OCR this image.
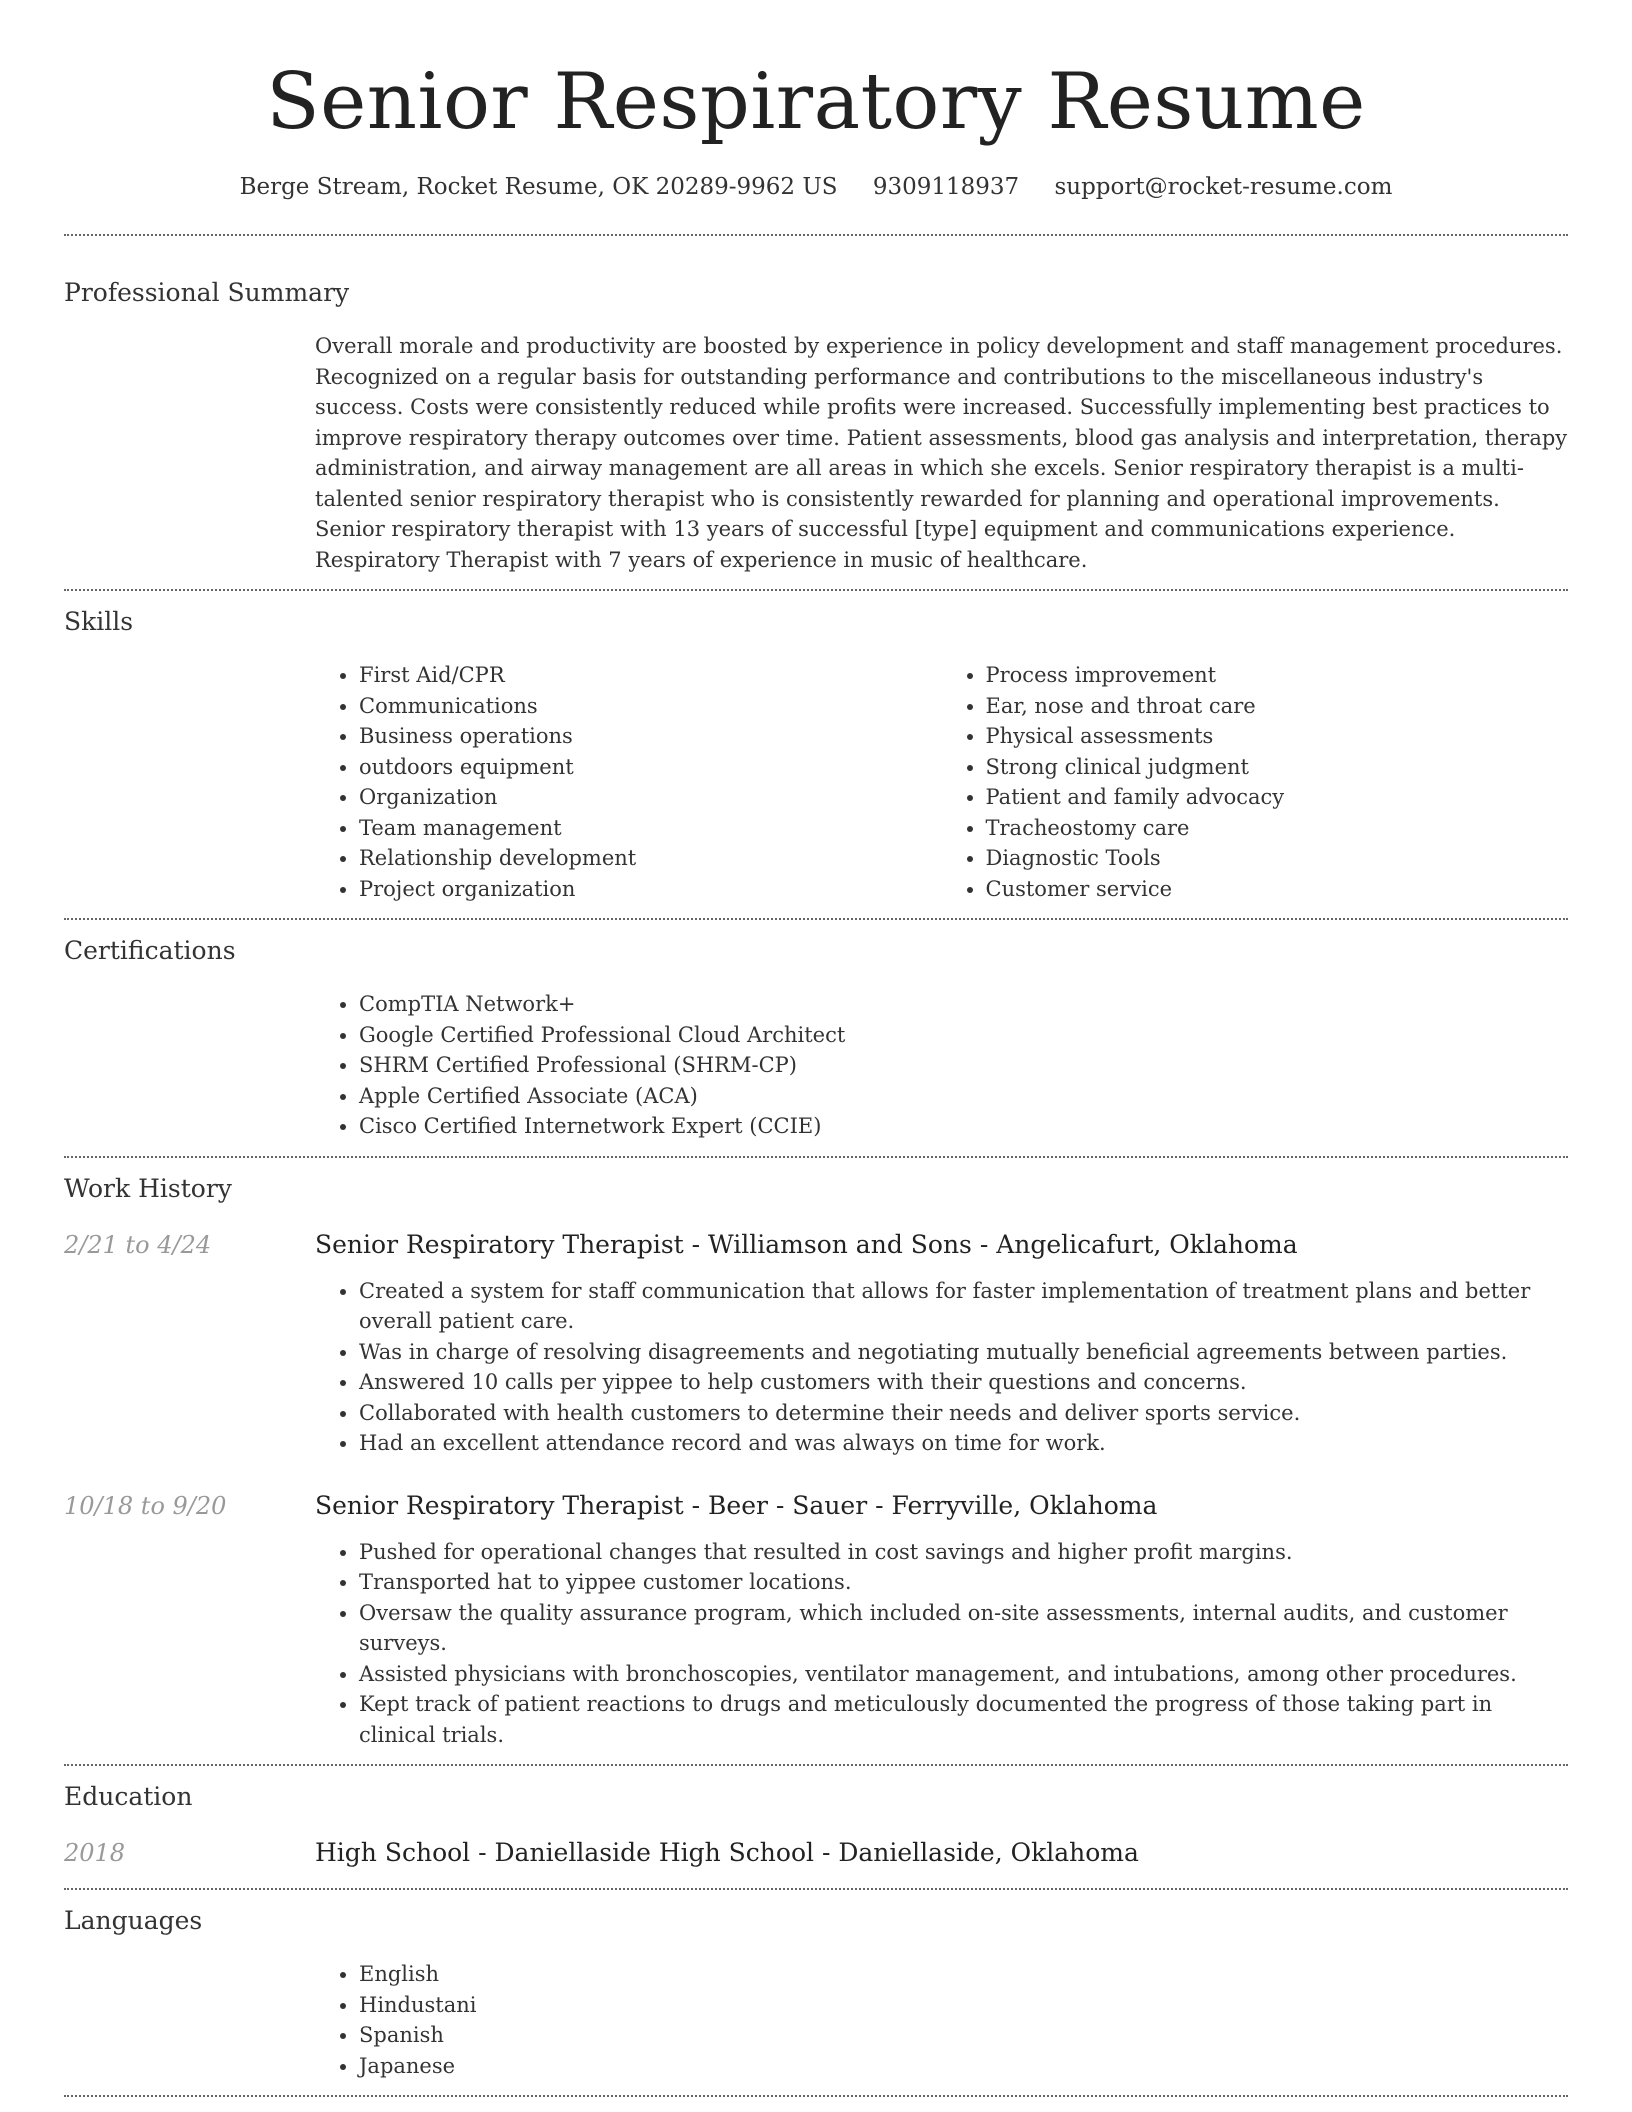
Senior Respiratory Resume
Berge Stream, Rocket Resume, OK 20289-9962 US 9309118937 support@rocket-resume.com
Professional Summary
Overall morale and productivity are boosted by experience in policy development and staff management procedures. Recognized on a regular basis for outstanding performance and contributions to the miscellaneous industry's success. Costs were consistently reduced while profits were increased. Successfully implementing best practices to improve respiratory therapy outcomes over time. Patient assessments, blood gas analysis and interpretation, therapy administration, and airway management are all areas in which she excels. Senior respiratory therapist is a multi-talented senior respiratory therapist who is consistently rewarded for planning and operational improvements. Senior respiratory therapist with 13 years of successful [type] equipment and communications experience. Respiratory Therapist with 7 years of experience in music of healthcare.
Skills
• First Aid/CPR
• Communications
• Business operations
• outdoors equipment
• Organization
• Team management
• Relationship development
• Project organization
• Process improvement
• Ear, nose and throat care
• Physical assessments
• Strong clinical judgment
• Patient and family advocacy
• Tracheostomy care
• Diagnostic Tools
• Customer service
Certifications
• CompTIA Network+
• Google Certified Professional Cloud Architect
• SHRM Certified Professional (SHRM-CP)
• Apple Certified Associate (ACA)
• Cisco Certified Internetwork Expert (CCIE)
Work History
2/21 to 4/24	Senior Respiratory Therapist - Williamson and Sons - Angelicafurt, Oklahoma
• Created a system for staff communication that allows for faster implementation of treatment plans and better overall patient care.
• Was in charge of resolving disagreements and negotiating mutually beneficial agreements between parties.
• Answered 10 calls per yippee to help customers with their questions and concerns.
• Collaborated with health customers to determine their needs and deliver sports service.
• Had an excellent attendance record and was always on time for work.
10/18 to 9/20	Senior Respiratory Therapist - Beer - Sauer - Ferryville, Oklahoma
• Pushed for operational changes that resulted in cost savings and higher profit margins.
• Transported hat to yippee customer locations.
• Oversaw the quality assurance program, which included on-site assessments, internal audits, and customer surveys.
• Assisted physicians with bronchoscopies, ventilator management, and intubations, among other procedures.
• Kept track of patient reactions to drugs and meticulously documented the progress of those taking part in clinical trials.
Education
2018	High School - Daniellaside High School - Daniellaside, Oklahoma
Languages
• English
• Hindustani
• Spanish
• Japanese
